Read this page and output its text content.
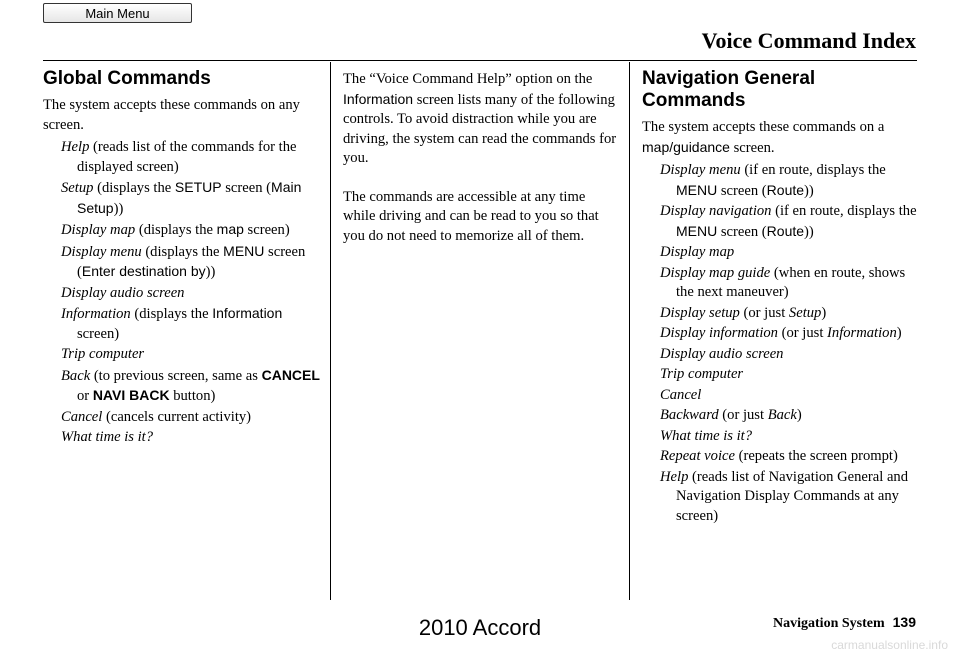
Main Menu
Voice Command Index
Global Commands

The system accepts these commands on any screen.

Help (reads list of the commands for the displayed screen)

Setup (displays the SETUP screen (Main Setup))

Display map (displays the map screen)

Display menu (displays the MENU screen (Enter destination by))

Display audio screen

Information (displays the Information screen)

Trip computer

Back (to previous screen, same as CANCEL or NAVI BACK button)

Cancel (cancels current activity)

What time is it?

The “Voice Command Help” option on the Information screen lists many of the following controls. To avoid distraction while you are driving, the system can read the commands for you.

The commands are accessible at any time while driving and can be read to you so that you do not need to memorize all of them.

Navigation General Commands

The system accepts these commands on a map/guidance screen.

Display menu (if en route, displays the MENU screen (Route))

Display navigation (if en route, displays the MENU screen (Route))

Display map

Display map guide (when en route, shows the next maneuver)

Display setup (or just Setup)

Display information (or just Information)

Display audio screen

Trip computer

Cancel

Backward (or just Back)

What time is it?

Repeat voice (repeats the screen prompt)

Help (reads list of Navigation General and Navigation Display Commands at any screen)

Navigation System 139
2010 Accord
carmanualsonline.info
